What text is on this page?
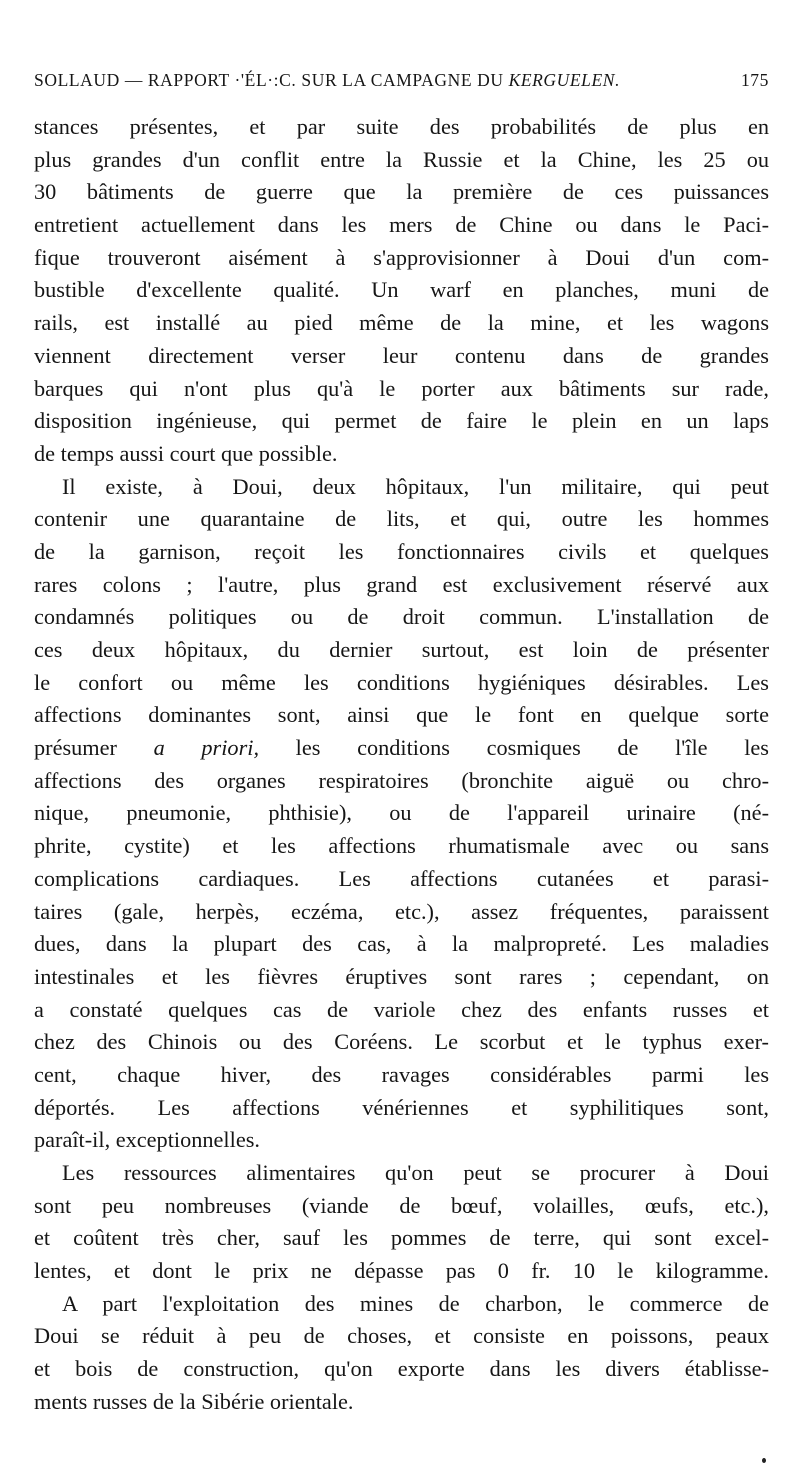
SOLLAUD — RAPPORT ·'ÉL·:C. SUR LA CAMPAGNE DU KERGUELEN.	175
stances présentes, et par suite des probabilités de plus en
plus grandes d'un conflit entre la Russie et la Chine, les 25 ou
30 bâtiments de guerre que la première de ces puissances
entretient actuellement dans les mers de Chine ou dans le Paci-
fique trouveront aisément à s'approvisionner à Doui d'un com-
bustible d'excellente qualité. Un warf en planches, muni de
rails, est installé au pied même de la mine, et les wagons
viennent directement verser leur contenu dans de grandes
barques qui n'ont plus qu'à le porter aux bâtiments sur rade,
disposition ingénieuse, qui permet de faire le plein en un laps
de temps aussi court que possible.
Il existe, à Doui, deux hôpitaux, l'un militaire, qui peut
contenir une quarantaine de lits, et qui, outre les hommes
de la garnison, reçoit les fonctionnaires civils et quelques
rares colons ; l'autre, plus grand est exclusivement réservé aux
condamnés politiques ou de droit commun. L'installation de
ces deux hôpitaux, du dernier surtout, est loin de présenter
le confort ou même les conditions hygiéniques désirables. Les
affections dominantes sont, ainsi que le font en quelque sorte
présumer a priori, les conditions cosmiques de l'île les
affections des organes respiratoires (bronchite aiguë ou chro-
nique, pneumonie, phthisie), ou de l'appareil urinaire (né-
phrite, cystite) et les affections rhumatismale avec ou sans
complications cardiaques. Les affections cutanées et parasi-
taires (gale, herpès, eczéma, etc.), assez fréquentes, paraissent
dues, dans la plupart des cas, à la malpropreté. Les maladies
intestinales et les fièvres éruptives sont rares ; cependant, on
a constaté quelques cas de variole chez des enfants russes et
chez des Chinois ou des Coréens. Le scorbut et le typhus exer-
cent, chaque hiver, des ravages considérables parmi les
déportés. Les affections vénériennes et syphilitiques sont,
paraît-il, exceptionnelles.
Les ressources alimentaires qu'on peut se procurer à Doui
sont peu nombreuses (viande de bœuf, volailles, œufs, etc.),
et coûtent très cher, sauf les pommes de terre, qui sont excel-
lentes, et dont le prix ne dépasse pas 0 fr. 10 le kilogramme.
A part l'exploitation des mines de charbon, le commerce de
Doui se réduit à peu de choses, et consiste en poissons, peaux
et bois de construction, qu'on exporte dans les divers établisse-
ments russes de la Sibérie orientale.
